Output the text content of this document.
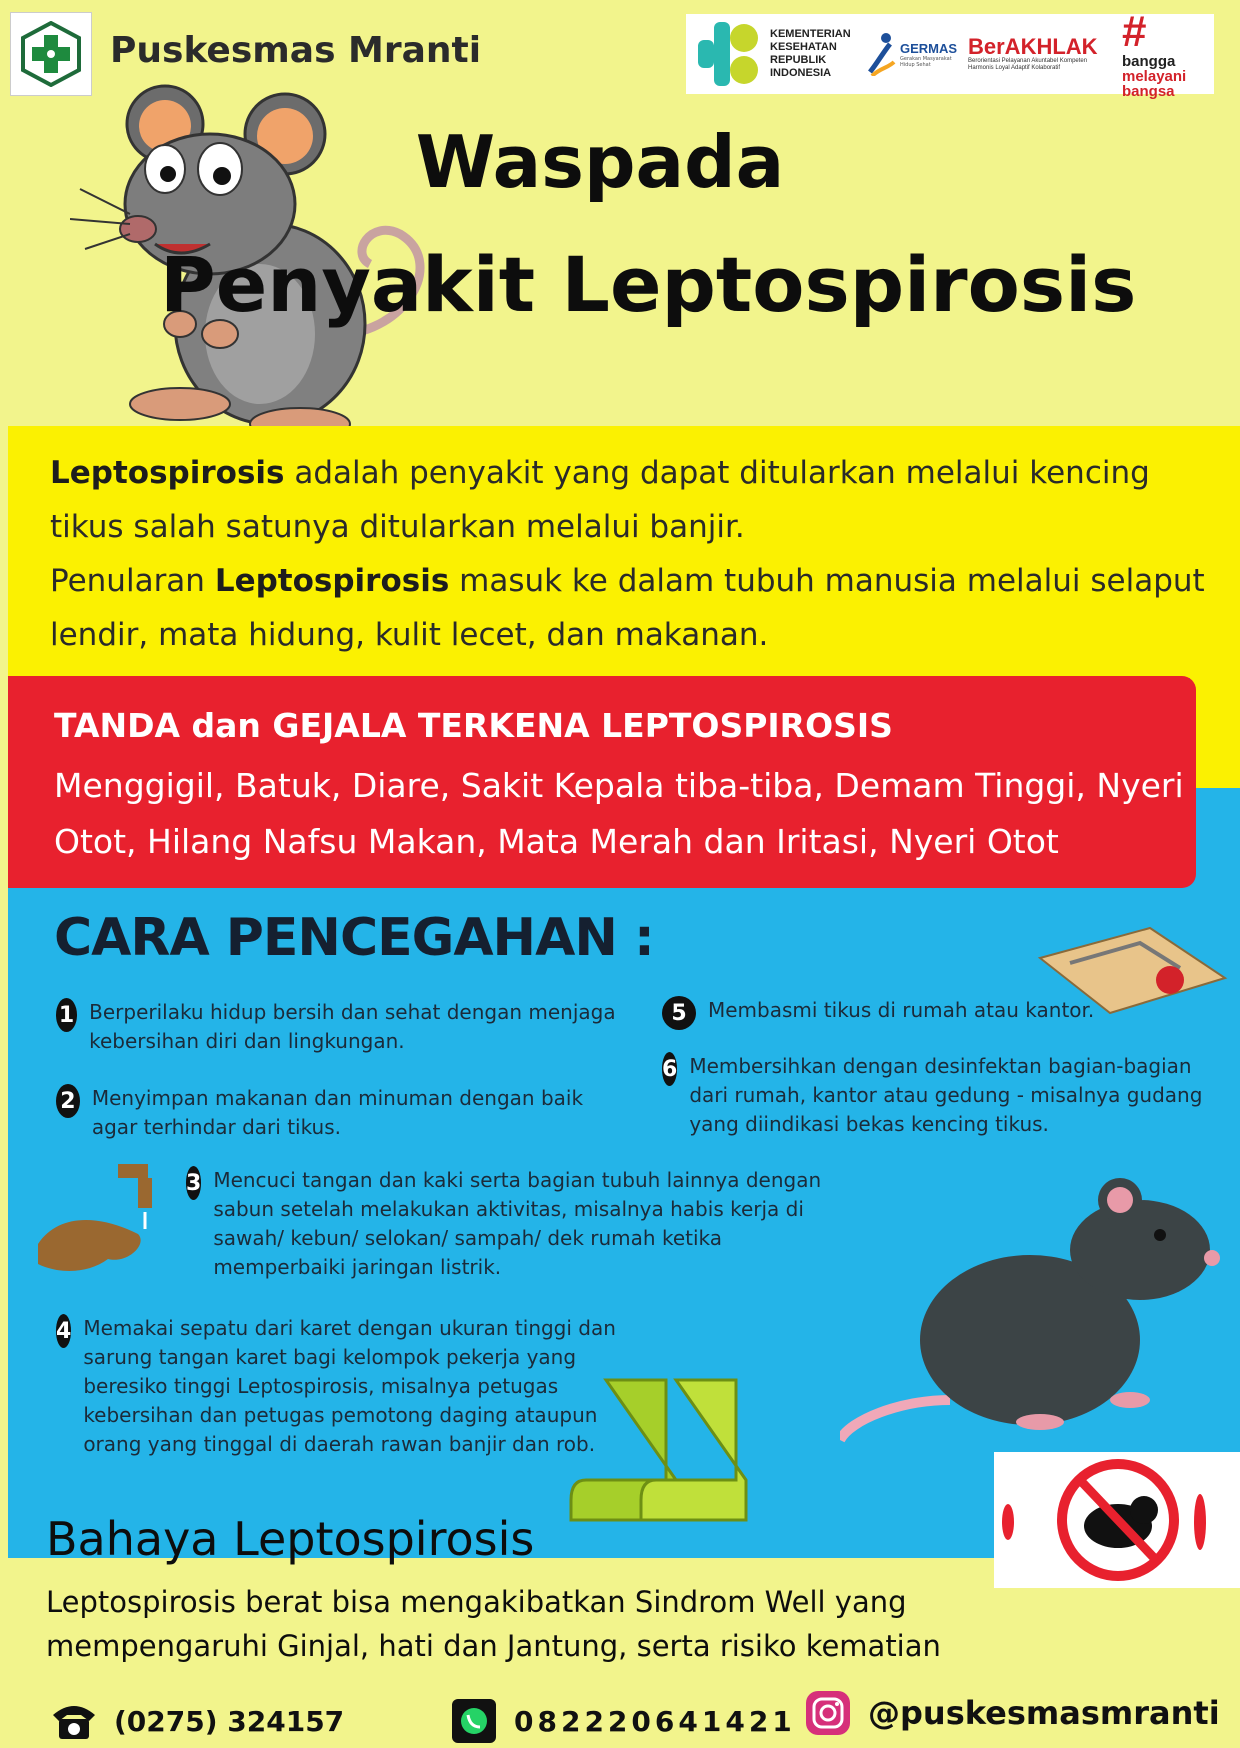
Puskesmas Mranti	KEMENTERIAN KESEHATAN REPUBLIK INDONESIA
GERMAS
Gerakan Masyarakat Hidup Sehat
BerAKHLAK
Berorientasi Pelayanan Akuntabel Kompeten Harmonis Loyal Adaptif Kolaboratif
#
bangga
melayani
bangsa
Waspada
Penyakit Leptospirosis
Leptospirosis adalah penyakit yang dapat ditularkan melalui kencing tikus salah satunya ditularkan melalui banjir.
Penularan Leptospirosis masuk ke dalam tubuh manusia melalui selaput lendir, mata hidung, kulit lecet, dan makanan.
TANDA dan GEJALA TERKENA LEPTOSPIROSIS
Menggigil, Batuk, Diare, Sakit Kepala tiba-tiba, Demam Tinggi, Nyeri Otot, Hilang Nafsu Makan, Mata Merah dan Iritasi, Nyeri Otot
CARA PENCEGAHAN :
1 Berperilaku hidup bersih dan sehat dengan menjaga kebersihan diri dan lingkungan.
2 Menyimpan makanan dan minuman dengan baik agar terhindar dari tikus.
3 Mencuci tangan dan kaki serta bagian tubuh lainnya dengan sabun setelah melakukan aktivitas, misalnya habis kerja di sawah/ kebun/ selokan/ sampah/ dek rumah ketika memperbaiki jaringan listrik.
4 Memakai sepatu dari karet dengan ukuran tinggi dan sarung tangan karet bagi kelompok pekerja yang beresiko tinggi Leptospirosis, misalnya petugas kebersihan dan petugas pemotong daging ataupun orang yang tinggal di daerah rawan banjir dan rob.
5	Membasmi tikus di rumah atau kantor.
6 Membersihkan dengan desinfektan bagian-bagian dari rumah, kantor atau gedung - misalnya gudang yang diindikasi bekas kencing tikus.
Bahaya Leptospirosis
Leptospirosis berat bisa mengakibatkan Sindrom Well yang mempengaruhi Ginjal, hati dan Jantung, serta risiko kematian
(0275) 324157	082220641421 @puskesmasmranti
